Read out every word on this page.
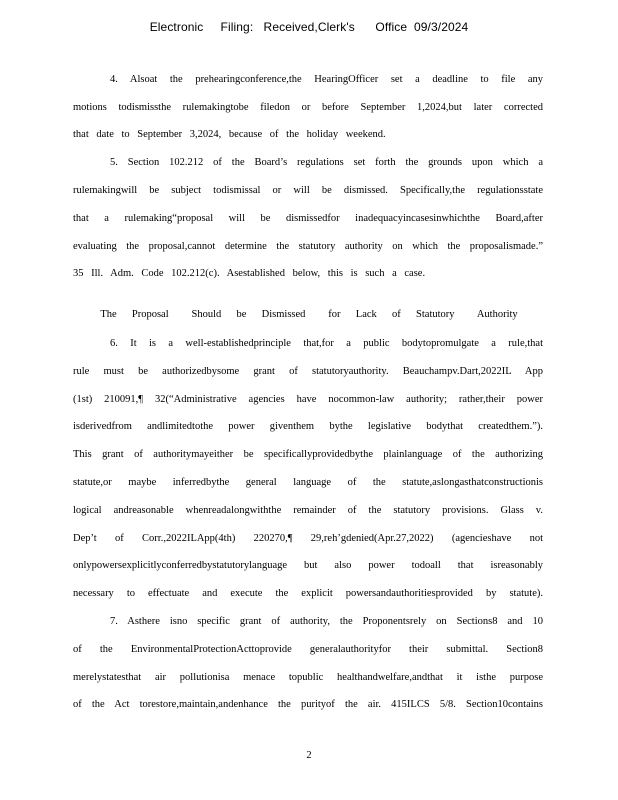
Electronic     Filing:   Received,Clerk's      Office  09/3/2024
4. Alsoat the prehearingconference,the HearingOfficer set a deadline to file any
motions todismissthe rulemakingtobe filedon or before September 1,2024,but later corrected
that date to September 3,2024, because of the holiday weekend.
5. Section 102.212 of the Board’s regulations set forth the grounds upon which a
rulemakingwill be subject todismissal or will be dismissed. Specifically,the regulationsstate
that a rulemaking“proposal will be dismissedfor inadequacyincasesinwhichthe Board,after
evaluating the proposal,cannot determine the statutory authority on which the proposalismade.”
35 Ill. Adm. Code 102.212(c). Asestablished below, this is such a case.
The  Proposal   Should  be  Dismissed   for  Lack  of  Statutory   Authority
6. It is a well-establishedprinciple that,for a public bodytopromulgate a rule,that
rule must be authorizedbysome grant of statutoryauthority. Beauchampv.Dart,2022IL App
(1st) 210091,¶ 32(“Administrative agencies have nocommon-law authority; rather,their power
isderivedfrom andlimitedtothe power giventhem bythe legislative bodythat createdthem.”).
This grant of authoritymayeither be specificallyprovidedbythe plainlanguage of the authorizing
statute,or maybe inferredbythe general language of the statute,aslongasthatconstructionis
logical andreasonable whenreadalongwiththe remainder of the statutory provisions. Glass v.
Dep’t of Corr.,2022ILApp(4th) 220270,¶ 29,reh’gdenied(Apr.27,2022) (agencieshave not
onlypowersexplicitlyconferredbystatutorylanguage but also power todoall that isreasonably
necessary to effectuate and execute the explicit powersandauthoritiesprovided by statute).
7. Asthere isno specific grant of authority, the Proponentsrely on Sections8 and 10
of the EnvironmentalProtectionActtoprovide generalauthorityfor their submittal. Section8
merelystatesthat air pollutionisa menace topublic healthandwelfare,andthat it isthe purpose
of the Act torestore,maintain,andenhance the purityof the air. 415ILCS 5/8. Section10contains
2
